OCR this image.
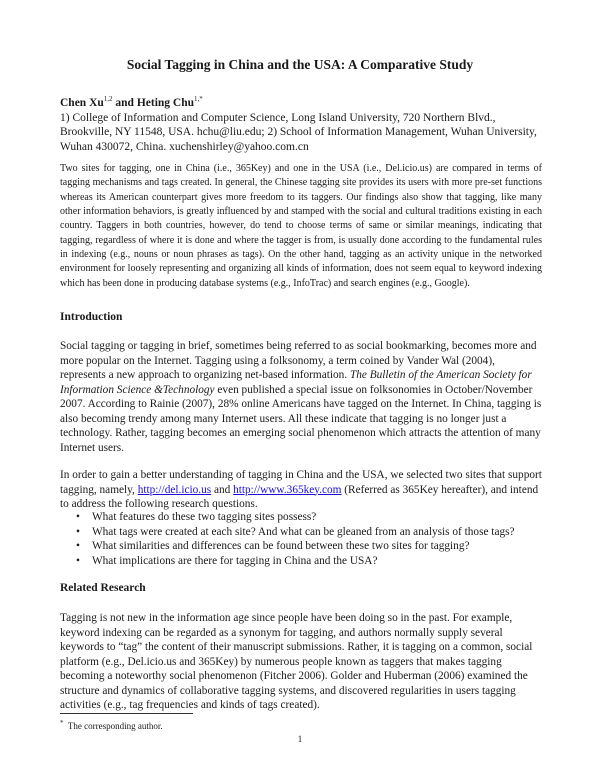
Social Tagging in China and the USA: A Comparative Study
Chen Xu$^{1,2}$ and Heting Chu$^{1,*}$
1) College of Information and Computer Science, Long Island University, 720 Northern Blvd., Brookville, NY 11548, USA. hchu@liu.edu; 2) School of Information Management, Wuhan University, Wuhan 430072, China. xuchenshirley@yahoo.com.cn
Two sites for tagging, one in China (i.e., 365Key) and one in the USA (i.e., Del.icio.us) are compared in terms of tagging mechanisms and tags created. In general, the Chinese tagging site provides its users with more pre-set functions whereas its American counterpart gives more freedom to its taggers. Our findings also show that tagging, like many other information behaviors, is greatly influenced by and stamped with the social and cultural traditions existing in each country. Taggers in both countries, however, do tend to choose terms of same or similar meanings, indicating that tagging, regardless of where it is done and where the tagger is from, is usually done according to the fundamental rules in indexing (e.g., nouns or noun phrases as tags). On the other hand, tagging as an activity unique in the networked environment for loosely representing and organizing all kinds of information, does not seem equal to keyword indexing which has been done in producing database systems (e.g., InfoTrac) and search engines (e.g., Google).
Introduction
Social tagging or tagging in brief, sometimes being referred to as social bookmarking, becomes more and more popular on the Internet. Tagging using a folksonomy, a term coined by Vander Wal (2004), represents a new approach to organizing net-based information. The Bulletin of the American Society for Information Science &Technology even published a special issue on folksonomies in October/November 2007. According to Rainie (2007), 28% online Americans have tagged on the Internet. In China, tagging is also becoming trendy among many Internet users. All these indicate that tagging is no longer just a technology. Rather, tagging becomes an emerging social phenomenon which attracts the attention of many Internet users.
In order to gain a better understanding of tagging in China and the USA, we selected two sites that support tagging, namely, http://del.icio.us and http://www.365key.com (Referred as 365Key hereafter), and intend to address the following research questions.
• What features do these two tagging sites possess?
• What tags were created at each site? And what can be gleaned from an analysis of those tags?
• What similarities and differences can be found between these two sites for tagging?
• What implications are there for tagging in China and the USA?
Related Research
Tagging is not new in the information age since people have been doing so in the past. For example, keyword indexing can be regarded as a synonym for tagging, and authors normally supply several keywords to “tag” the content of their manuscript submissions. Rather, it is tagging on a common, social platform (e.g., Del.icio.us and 365Key) by numerous people known as taggers that makes tagging becoming a noteworthy social phenomenon (Fitcher 2006). Golder and Huberman (2006) examined the structure and dynamics of collaborative tagging systems, and discovered regularities in users tagging activities (e.g., tag frequencies and kinds of tags created).
* The corresponding author.
1
